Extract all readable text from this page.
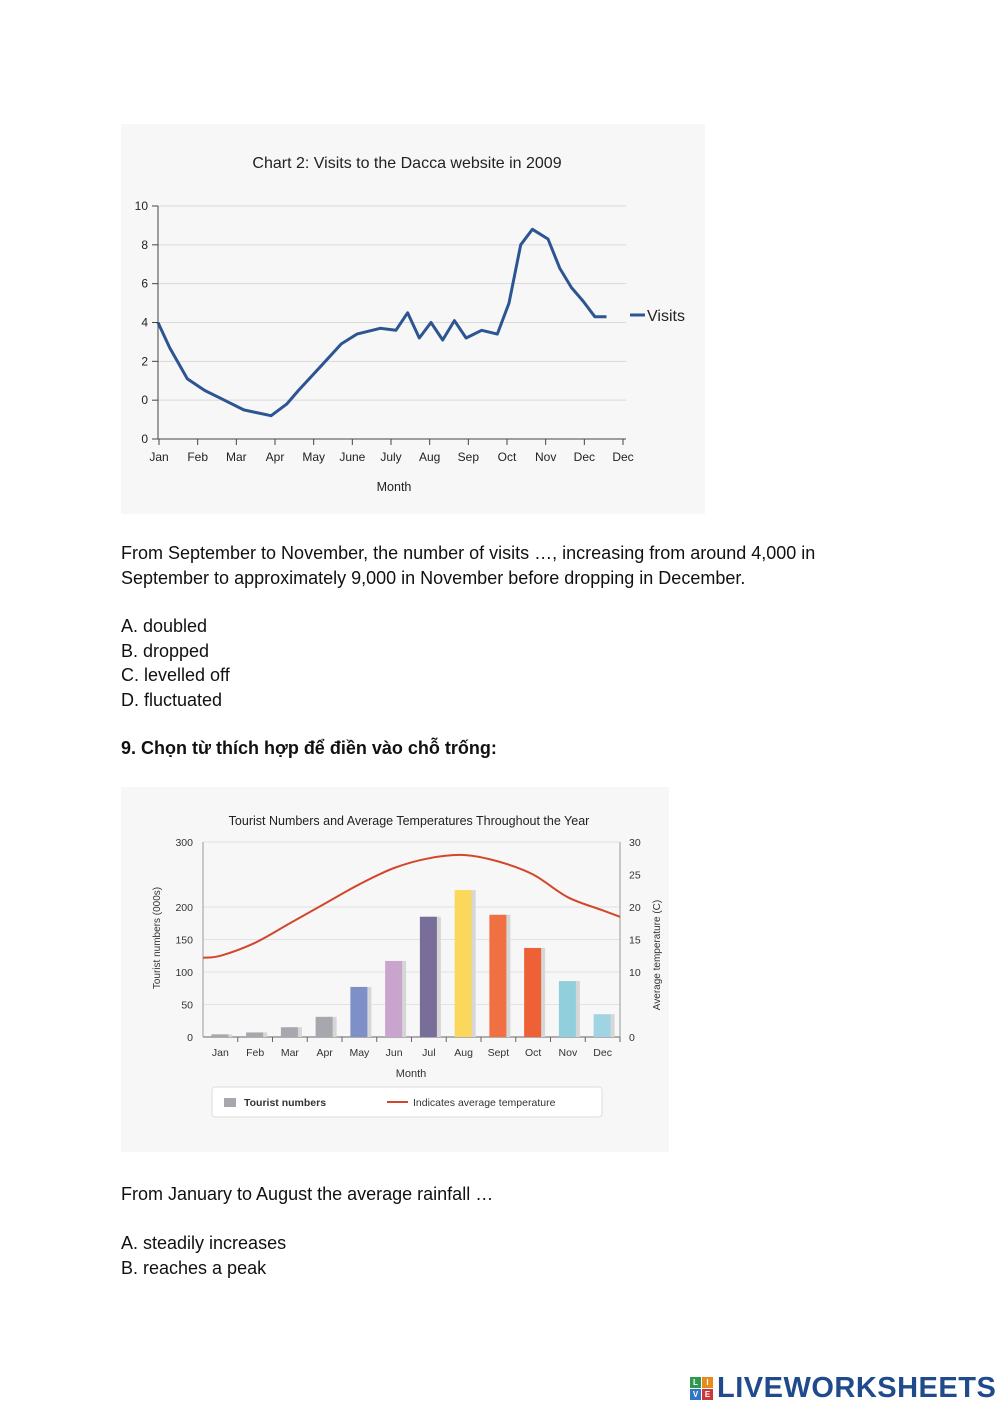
Chart 2: Visits to the Dacca website in 2009
Month
Visits
0
0
2
4
6
8
10
Jan Feb Mar Apr May June July Aug Sep Oct Nov Dec Dec

From September to November, the number of visits …, increasing from around 4,000 in September to approximately 9,000 in November before dropping in December.

A. doubled
B. dropped
C. levelled off
D. fluctuated

9. Chọn từ thích hợp để điền vào chỗ trống:

Tourist Numbers and Average Temperatures Throughout the Year
Month
Tourist numbers (000s)	Average temperature (C)
Tourist numbers	Indicates average temperature
0
50
100
150
200
300
0
10
15
20
25
30
Jan Feb Mar Apr May Jun Jul Aug Sept Oct Nov Dec

From January to August the average rainfall …

A. steadily increases
B. reaches a peak
L	I
V E LIVEWORKSHEETS
